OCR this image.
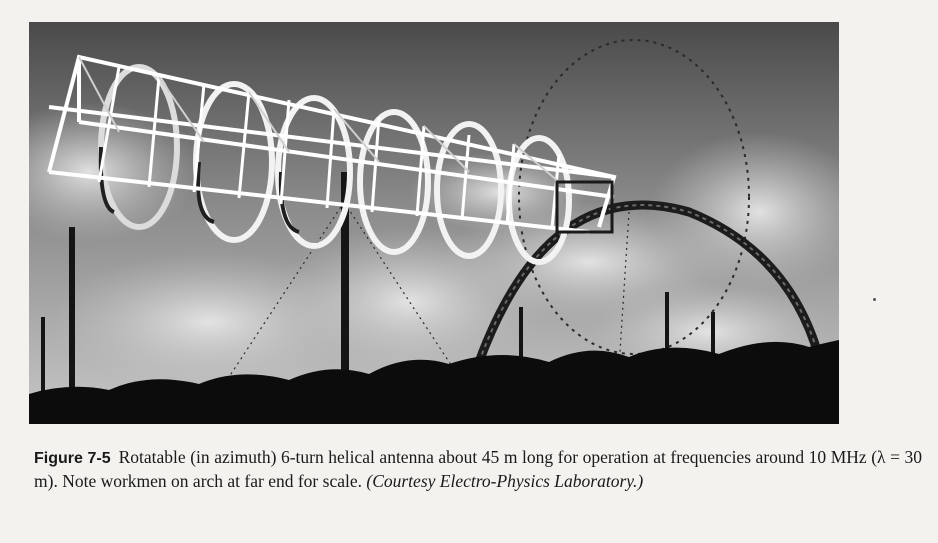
Figure 7-5 Rotatable (in azimuth) 6-turn helical antenna about 45 m long for operation at frequencies around 10 MHz (λ = 30 m). Note workmen on arch at far end for scale. (Courtesy Electro-Physics Laboratory.)
